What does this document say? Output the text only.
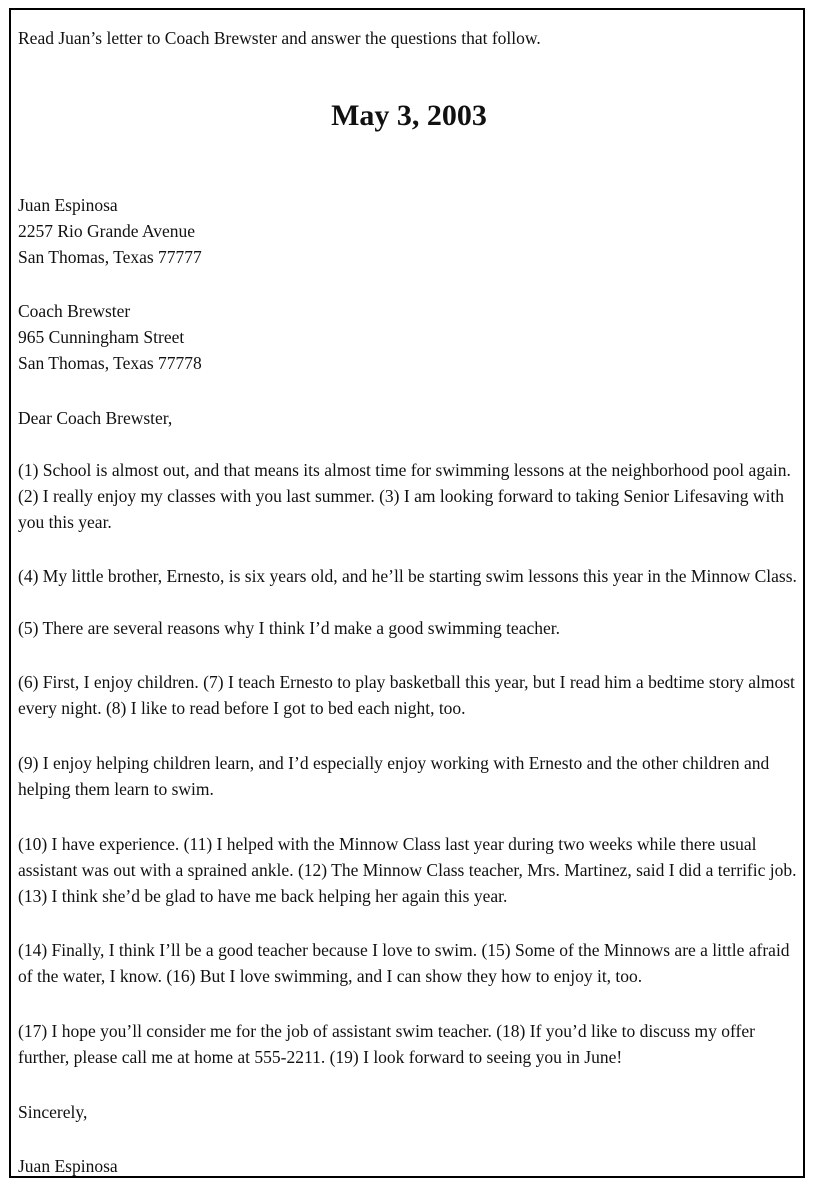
Read Juan’s letter to Coach Brewster and answer the questions that follow.

May 3, 2003

Juan Espinosa

2257 Rio Grande Avenue

San Thomas, Texas 77777

Coach Brewster

965 Cunningham Street

San Thomas, Texas 77778

Dear Coach Brewster,

(1) School is almost out, and that means its almost time for swimming lessons at the neighborhood pool again. (2) I really enjoy my classes with you last summer. (3) I am looking forward to taking Senior Lifesaving with you this year.

(4) My little brother, Ernesto, is six years old, and he’ll be starting swim lessons this year in the Minnow Class.

(5) There are several reasons why I think I’d make a good swimming teacher.

(6) First, I enjoy children. (7) I teach Ernesto to play basketball this year, but I read him a bedtime story almost every night. (8) I like to read before I got to bed each night, too.

(9) I enjoy helping children learn, and I’d especially enjoy working with Ernesto and the other children and helping them learn to swim.

(10) I have experience. (11) I helped with the Minnow Class last year during two weeks while there usual assistant was out with a sprained ankle. (12) The Minnow Class teacher, Mrs. Martinez, said I did a terrific job. (13) I think she’d be glad to have me back helping her again this year.

(14) Finally, I think I’ll be a good teacher because I love to swim. (15) Some of the Minnows are a little afraid of the water, I know. (16) But I love swimming, and I can show they how to enjoy it, too.

(17) I hope you’ll consider me for the job of assistant swim teacher. (18) If you’d like to discuss my offer further, please call me at home at 555-2211. (19) I look forward to seeing you in June!

Sincerely,

Juan Espinosa
